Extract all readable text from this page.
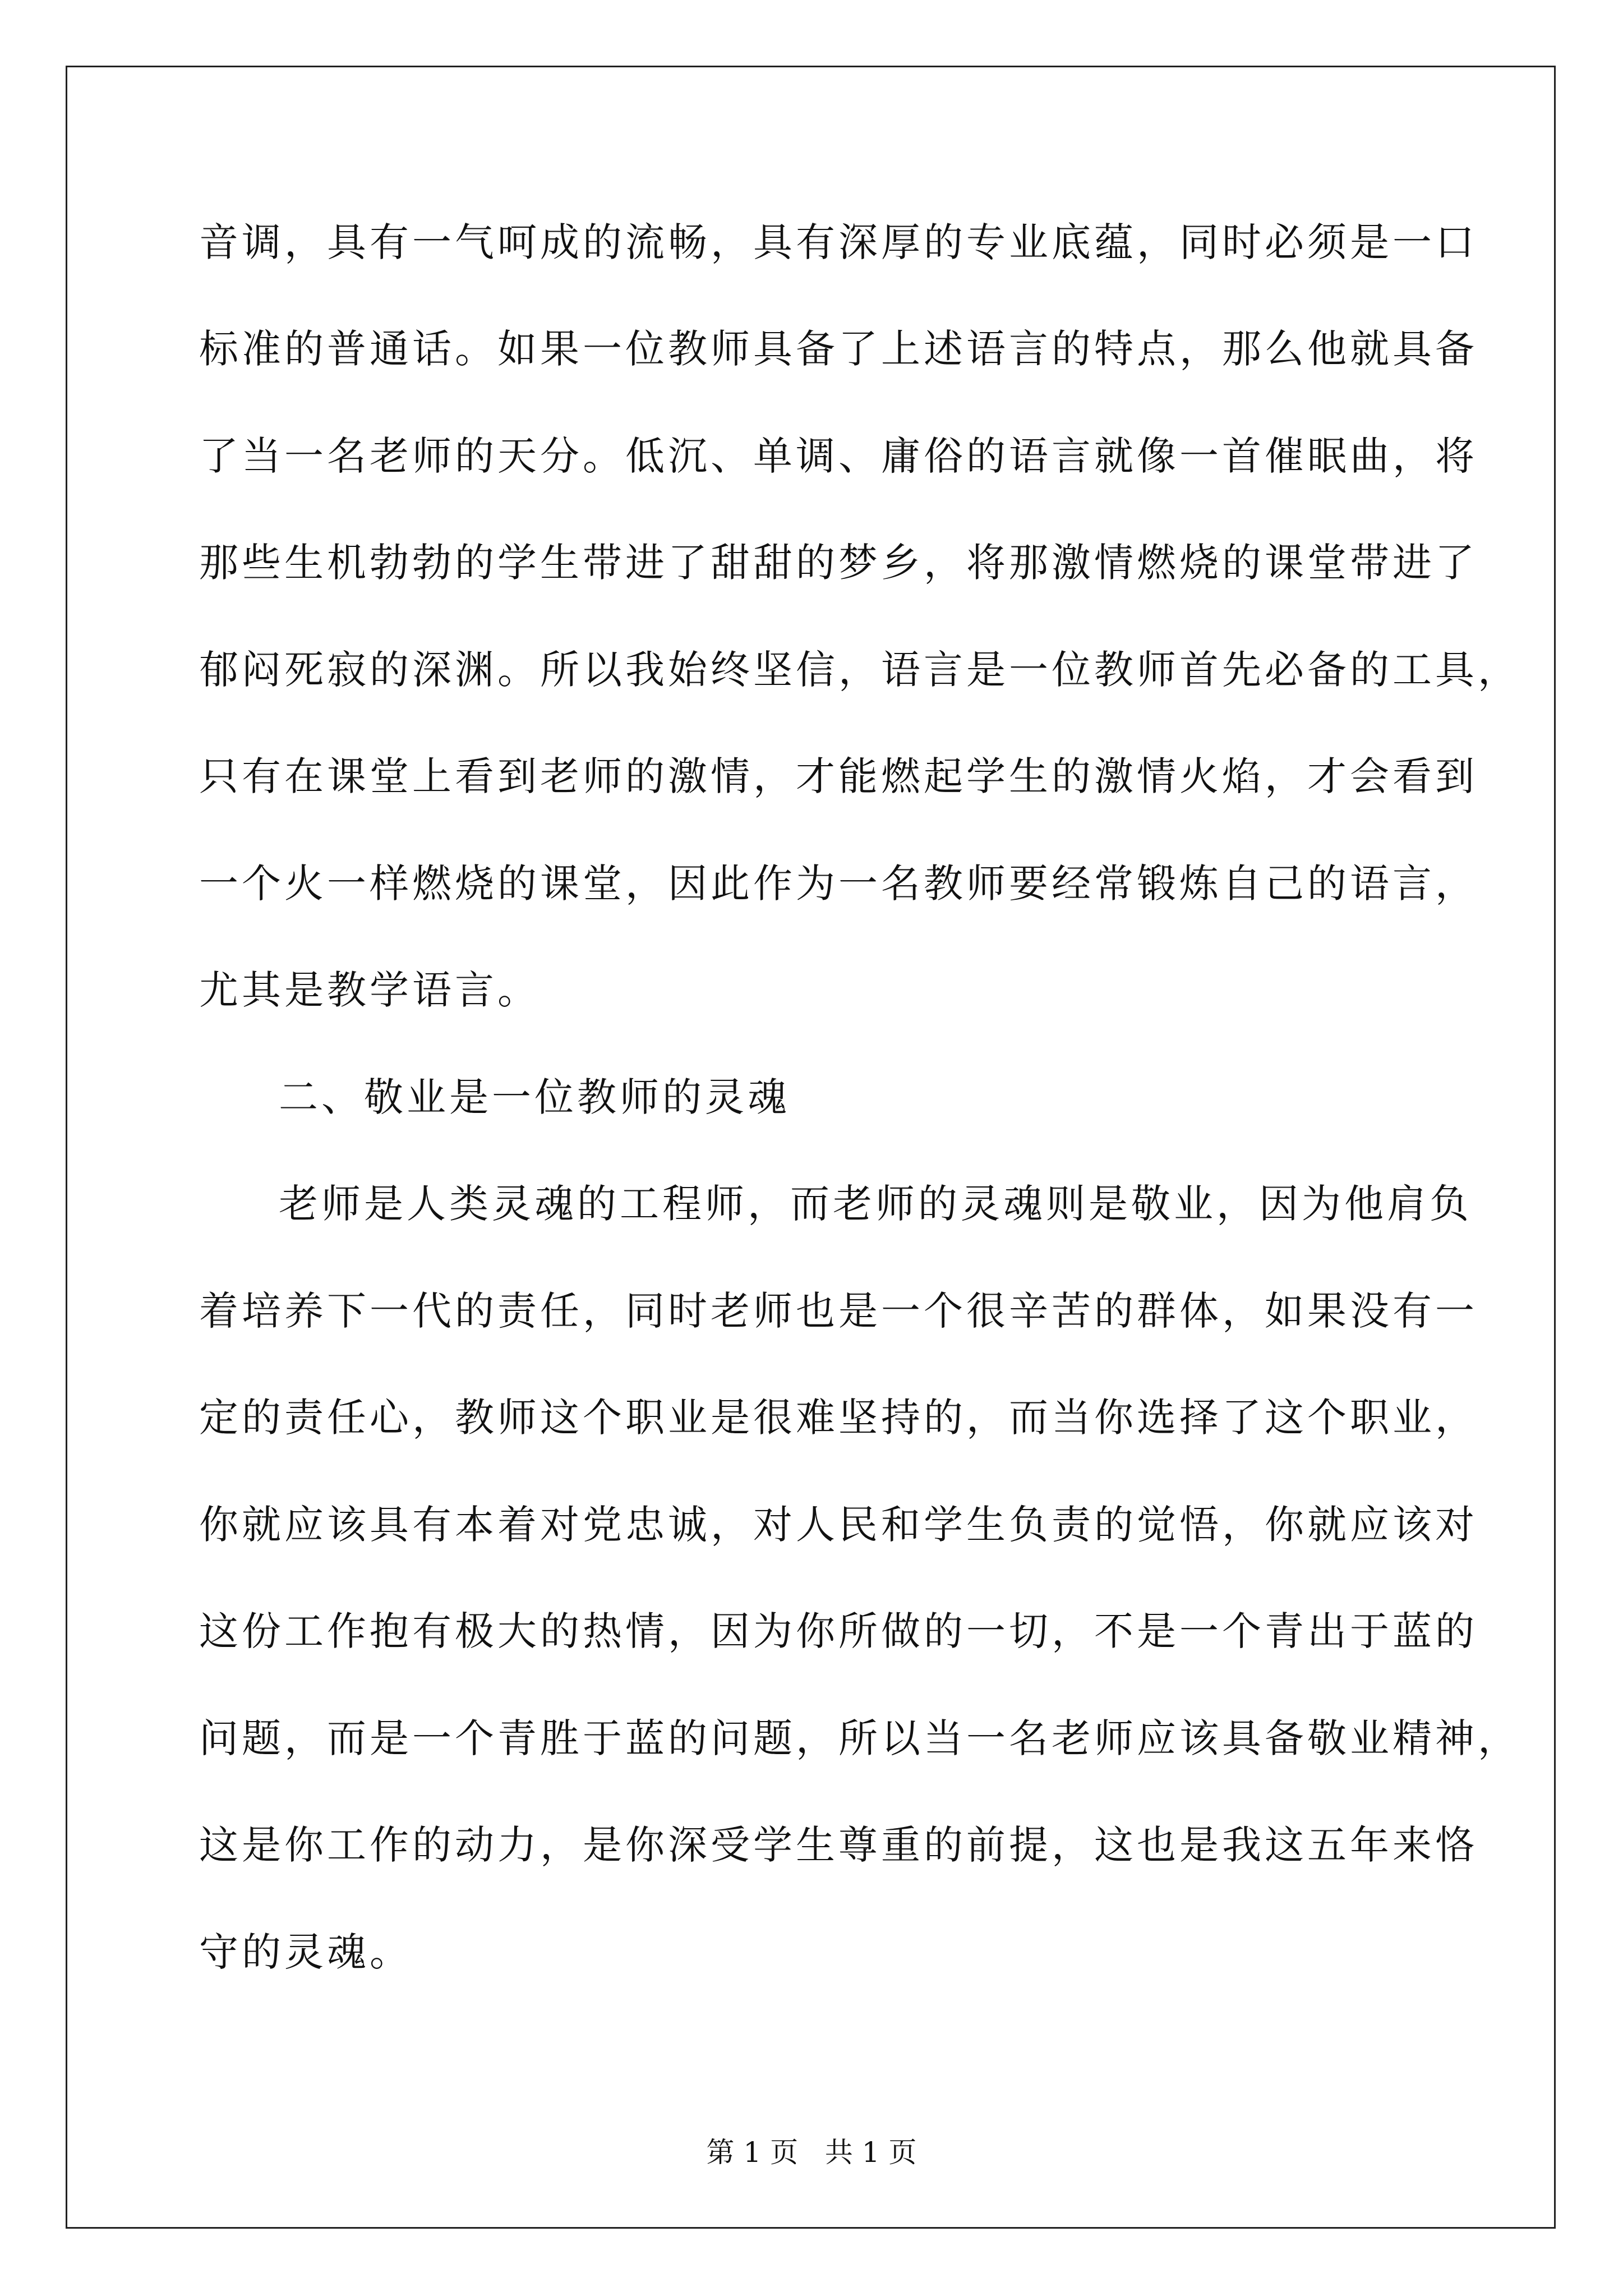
音调，具有一气呵成的流畅，具有深厚的专业底蕴，同时必须是一口
标准的普通话。如果一位教师具备了上述语言的特点，那么他就具备
了当一名老师的天分。低沉、单调、庸俗的语言就像一首催眠曲，将
那些生机勃勃的学生带进了甜甜的梦乡，将那激情燃烧的课堂带进了
郁闷死寂的深渊。所以我始终坚信，语言是一位教师首先必备的工具，
只有在课堂上看到老师的激情，才能燃起学生的激情火焰，才会看到
一个火一样燃烧的课堂，因此作为一名教师要经常锻炼自己的语言，
尤其是教学语言。
二、敬业是一位教师的灵魂
老师是人类灵魂的工程师，而老师的灵魂则是敬业，因为他肩负
着培养下一代的责任，同时老师也是一个很辛苦的群体，如果没有一
定的责任心，教师这个职业是很难坚持的，而当你选择了这个职业，
你就应该具有本着对党忠诚，对人民和学生负责的觉悟，你就应该对
这份工作抱有极大的热情，因为你所做的一切，不是一个青出于蓝的
问题，而是一个青胜于蓝的问题，所以当一名老师应该具备敬业精神，
这是你工作的动力，是你深受学生尊重的前提，这也是我这五年来恪
守的灵魂。
第 1 页   共 1 页
